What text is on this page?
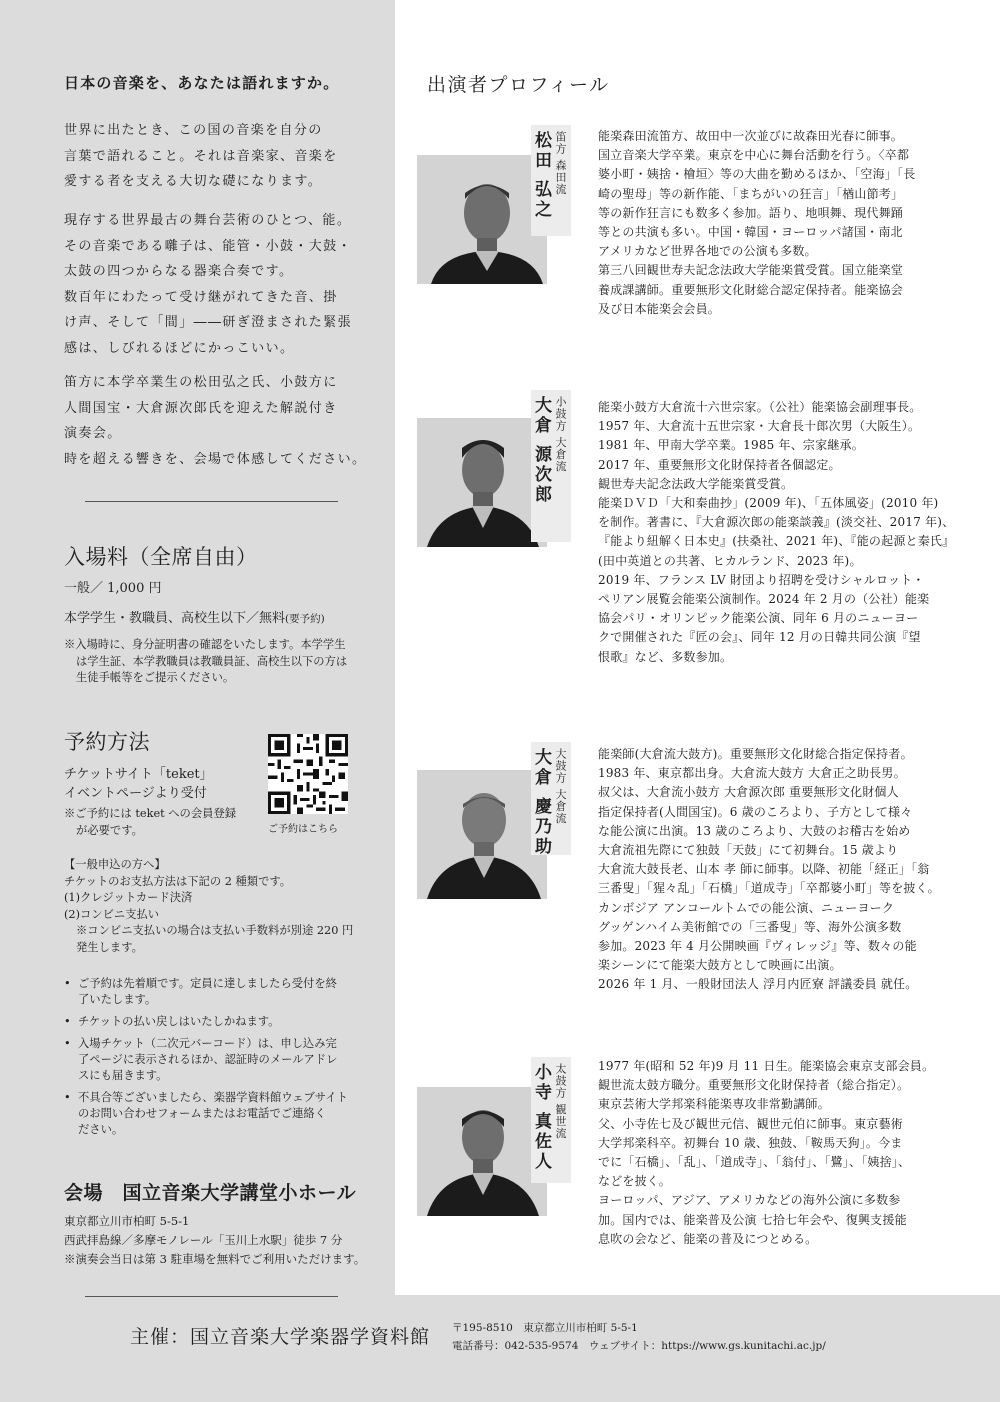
日本の音楽を、あなたは語れますか。
世界に出たとき、この国の音楽を自分の
言葉で語れること。それは音楽家、音楽を
愛する者を支える大切な礎になります。
現存する世界最古の舞台芸術のひとつ、能。
その音楽である囃子は、能管・小鼓・大鼓・
太鼓の四つからなる器楽合奏です。
数百年にわたって受け継がれてきた音、掛
け声、そして「間」――研ぎ澄まされた緊張
感は、しびれるほどにかっこいい。
笛方に本学卒業生の松田弘之氏、小鼓方に
人間国宝・大倉源次郎氏を迎えた解説付き
演奏会。
時を超える響きを、会場で体感してください。
入場料（全席自由）
一般／ 1,000 円
本学学生・教職員、高校生以下／無料(要予約)
※入場時に、身分証明書の確認をいたします。本学学生
は学生証、本学教職員は教職員証、高校生以下の方は
生徒手帳等をご提示ください。
予約方法
チケットサイト「teket」
イベントページより受付
※ご予約には teket への会員登録
が必要です。	ご予約はこちら
【一般申込の方へ】
チケットのお支払方法は下記の 2 種類です。
(1)クレジットカード決済
(2)コンビニ支払い
※コンビニ支払いの場合は支払い手数料が別途 220 円
発生します。
• ご予約は先着順です。定員に達しましたら受付を終
了いたします。
• チケットの払い戻しはいたしかねます。
• 入場チケット（二次元バーコード）は、申し込み完
了ページに表示されるほか、認証時のメールアドレ
スにも届きます。
• 不具合等ございましたら、楽器学資料館ウェブサイト
のお問い合わせフォームまたはお電話でご連絡く
ださい。
会場　国立音楽大学講堂小ホール
東京都立川市柏町 5-5-1
西武拝島線／多摩モノレール「玉川上水駅」徒歩 7 分
※演奏会当日は第 3 駐車場を無料でご利用いただけます。
出演者プロフィール
笛方 森田流
松田 弘之	能楽森田流笛方、故田中一次並びに故森田光春に師事。
国立音楽大学卒業。東京を中心に舞台活動を行う。〈卒都
婆小町・姨捨・檜垣〉等の大曲を勤めるほか、「空海」「長
崎の聖母」等の新作能、「まちがいの狂言」「楢山節考」
等の新作狂言にも数多く参加。語り、地唄舞、現代舞踊
等との共演も多い。中国・韓国・ヨーロッパ諸国・南北
アメリカなど世界各地での公演も多数。
第三八回観世寿夫記念法政大学能楽賞受賞。国立能楽堂
養成課講師。重要無形文化財総合認定保持者。能楽協会
及び日本能楽会会員。
小鼓方 大倉流
大倉 源次郎	能楽小鼓方大倉流十六世宗家。（公社）能楽協会副理事長。
1957 年、大倉流十五世宗家・大倉長十郎次男（大阪生）。
1981 年、甲南大学卒業。1985 年、宗家継承。
2017 年、重要無形文化財保持者各個認定。
観世寿夫記念法政大学能楽賞受賞。
能楽ＤＶＤ「大和秦曲抄」(2009 年)、「五体風姿」(2010 年)
を制作。著書に、『大倉源次郎の能楽談義』(淡交社、2017 年)、
『能より紐解く日本史』(扶桑社、2021 年)、『能の起源と秦氏』
(田中英道との共著、ヒカルランド、2023 年)。
2019 年、フランス LV 財団より招聘を受けシャルロット・
ペリアン展覧会能楽公演制作。2024 年 2 月の（公社）能楽
協会パリ・オリンピック能楽公演、同年 6 月のニューヨー
クで開催された『匠の会』、同年 12 月の日韓共同公演『望
恨歌』など、多数参加。
大鼓方 大倉流
大倉 慶乃助	能楽師(大倉流大鼓方)。重要無形文化財総合指定保持者。
1983 年、東京都出身。大倉流大鼓方 大倉正之助長男。
叔父は、大倉流小鼓方 大倉源次郎 重要無形文化財個人
指定保持者(人間国宝)。6 歳のころより、子方として様々
な能公演に出演。13 歳のころより、大鼓のお稽古を始め
大倉流祖先際にて独鼓「天鼓」にて初舞台。15 歳より
大倉流大鼓長老、山本 孝 師に師事。以降、初能「経正」「翁
三番叟」「猩々乱」「石橋」「道成寺」「卒都婆小町」等を披く。
カンボジア アンコールトムでの能公演、ニューヨーク
グッゲンハイム美術館での「三番叟」等、海外公演多数
参加。2023 年 4 月公開映画『ヴィレッジ』等、数々の能
楽シーンにて能楽大鼓方として映画に出演。
2026 年 1 月、一般財団法人 浮月内匠寮 評議委員 就任。
太鼓方 観世流
小寺 真佐人	1977 年(昭和 52 年)9 月 11 日生。能楽協会東京支部会員。
観世流太鼓方職分。重要無形文化財保持者（総合指定）。
東京芸術大学邦楽科能楽専攻非常勤講師。
父、小寺佐七及び観世元信、観世元伯に師事。東京藝術
大学邦楽科卒。初舞台 10 歳、独鼓、「鞍馬天狗」。今ま
でに「石橋」、「乱」、「道成寺」、「翁付」、「鷺」、「姨捨」、
などを披く。
ヨーロッパ、アジア、アメリカなどの海外公演に多数参
加。国内では、能楽普及公演 七拾七年会や、復興支援能
息吹の会など、能楽の普及につとめる。
主催：国立音楽大学楽器学資料館 〒195-8510　東京都立川市柏町 5-5-1
電話番号：042-535-9574　ウェブサイト：https://www.gs.kunitachi.ac.jp/
